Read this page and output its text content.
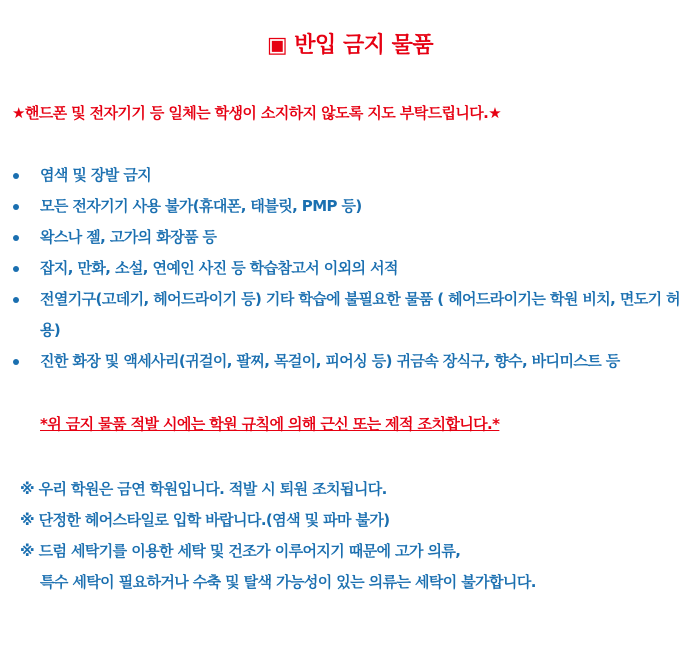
▣ 반입 금지 물품
★핸드폰 및 전자기기 등 일체는 학생이 소지하지 않도록 지도 부탁드립니다.★
염색 및 장발 금지
모든 전자기기 사용 불가(휴대폰, 태블릿, PMP 등)
왁스나 젤, 고가의 화장품 등
잡지, 만화, 소설, 연예인 사진 등 학습참고서 이외의 서적
전열기구(고데기, 헤어드라이기 등) 기타 학습에 불필요한 물품 ( 헤어드라이기는 학원 비치, 면도기 허용)
진한 화장 및 액세사리(귀걸이, 팔찌, 목걸이, 피어싱 등) 귀금속 장식구, 향수, 바디미스트 등
*위 금지 물품 적발 시에는 학원 규칙에 의해 근신 또는 제적 조치합니다.*
※ 우리 학원은 금연 학원입니다. 적발 시 퇴원 조치됩니다.
※ 단정한 헤어스타일로 입학 바랍니다.(염색 및 파마 불가)
※ 드럼 세탁기를 이용한 세탁 및 건조가 이루어지기 때문에 고가 의류,
특수 세탁이 필요하거나 수축 및 탈색 가능성이 있는 의류는 세탁이 불가합니다.
